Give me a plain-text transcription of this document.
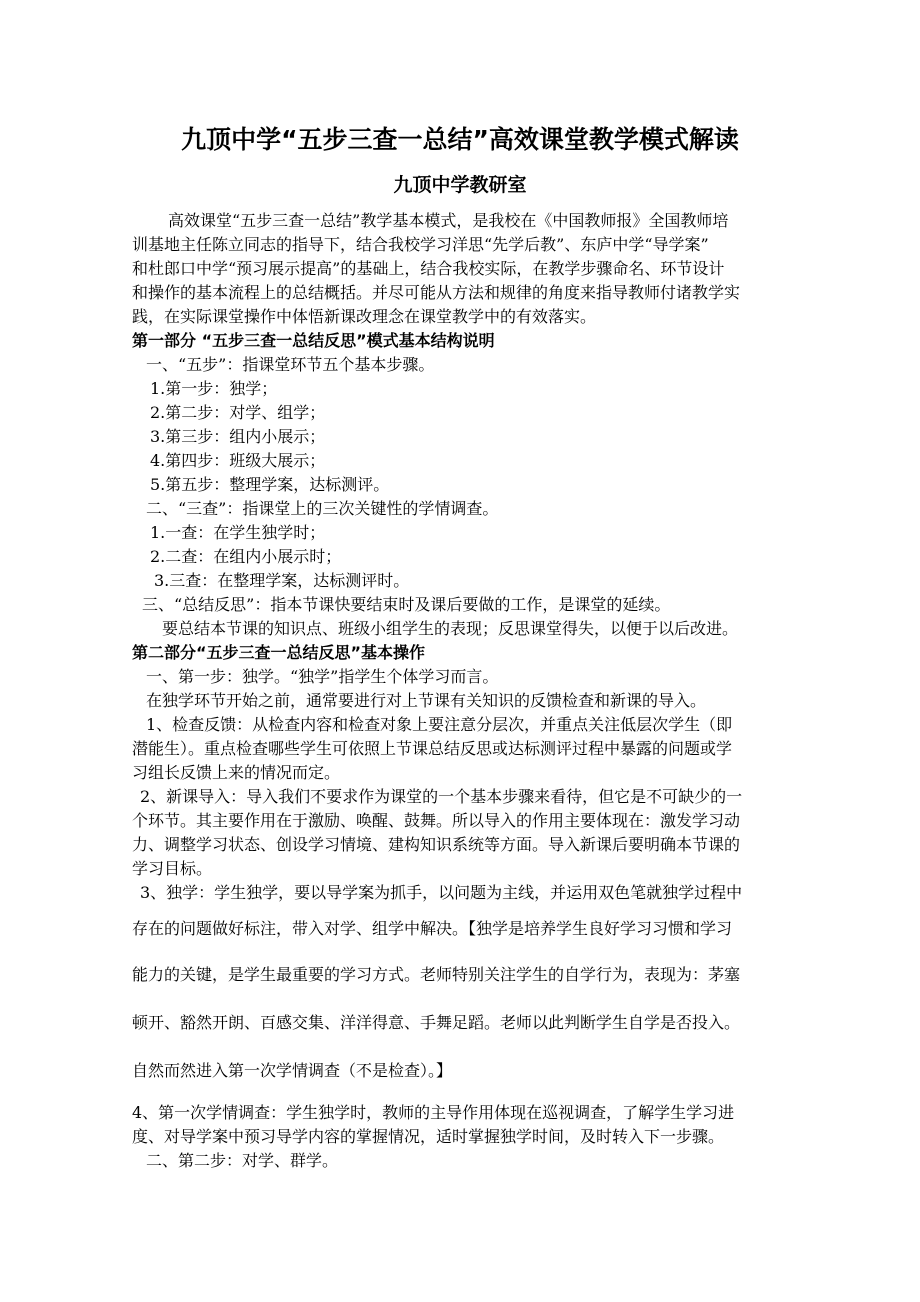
九顶中学“五步三查一总结”高效课堂教学模式解读
九顶中学教研室
高效课堂“五步三查一总结”教学基本模式，是我校在《中国教师报》全国教师培
训基地主任陈立同志的指导下，结合我校学习洋思“先学后教”、东庐中学“导学案”
和杜郎口中学“预习展示提高”的基础上，结合我校实际，在教学步骤命名、环节设计
和操作的基本流程上的总结概括。并尽可能从方法和规律的角度来指导教师付诸教学实
践，在实际课堂操作中体悟新课改理念在课堂教学中的有效落实。
第一部分 “五步三查一总结反思”模式基本结构说明
一、“五步”：指课堂环节五个基本步骤。
1.第一步：独学；
2.第二步：对学、组学；
3.第三步：组内小展示；
4.第四步：班级大展示；
5.第五步：整理学案，达标测评。
二、“三查”：指课堂上的三次关键性的学情调查。
1.一查：在学生独学时；
2.二查：在组内小展示时；
3.三查：在整理学案，达标测评时。
三、“总结反思”：指本节课快要结束时及课后要做的工作，是课堂的延续。
要总结本节课的知识点、班级小组学生的表现；反思课堂得失，以便于以后改进。
第二部分“五步三查一总结反思”基本操作
一、第一步：独学。“独学”指学生个体学习而言。
在独学环节开始之前，通常要进行对上节课有关知识的反馈检查和新课的导入。
1、检查反馈：从检查内容和检查对象上要注意分层次，并重点关注低层次学生（即
潜能生）。重点检查哪些学生可依照上节课总结反思或达标测评过程中暴露的问题或学
习组长反馈上来的情况而定。
2、新课导入：导入我们不要求作为课堂的一个基本步骤来看待，但它是不可缺少的一
个环节。其主要作用在于激励、唤醒、鼓舞。所以导入的作用主要体现在：激发学习动
力、调整学习状态、创设学习情境、建构知识系统等方面。导入新课后要明确本节课的
学习目标。
3、独学：学生独学，要以导学案为抓手，以问题为主线，并运用双色笔就独学过程中
存在的问题做好标注，带入对学、组学中解决。【独学是培养学生良好学习习惯和学习
能力的关键，是学生最重要的学习方式。老师特别关注学生的自学行为，表现为：茅塞
顿开、豁然开朗、百感交集、洋洋得意、手舞足蹈。老师以此判断学生自学是否投入。
自然而然进入第一次学情调查（不是检查）。】
4、第一次学情调查：学生独学时，教师的主导作用体现在巡视调查，了解学生学习进
度、对导学案中预习导学内容的掌握情况，适时掌握独学时间，及时转入下一步骤。
二、第二步：对学、群学。
